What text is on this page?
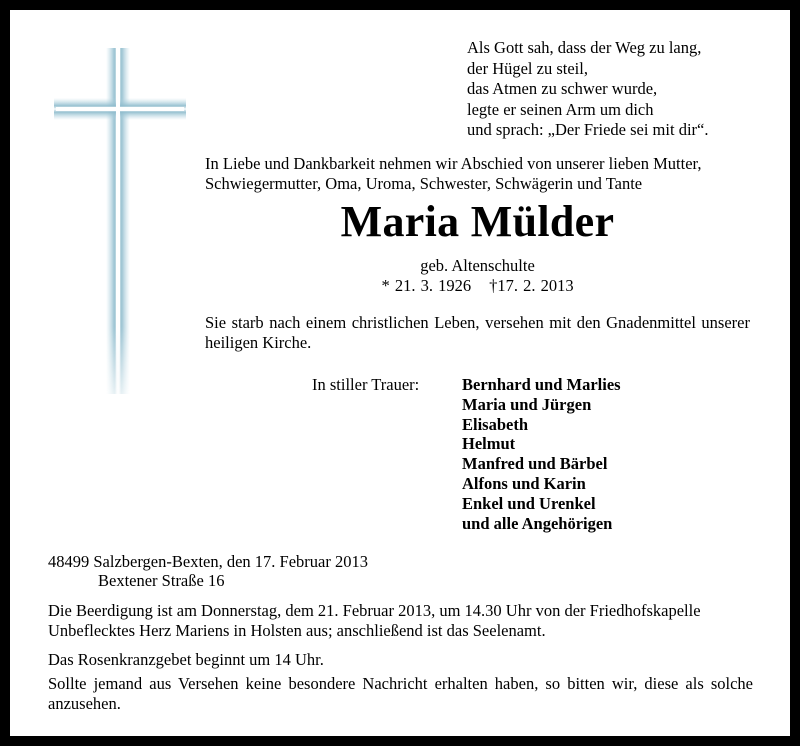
Als Gott sah, dass der Weg zu lang,
der Hügel zu steil,
das Atmen zu schwer wurde,
legte er seinen Arm um dich
und sprach: „Der Friede sei mit dir“.
In Liebe und Dankbarkeit nehmen wir Abschied von unserer lieben Mutter,
Schwiegermutter, Oma, Uroma, Schwester, Schwägerin und Tante
Maria Mülder
geb. Altenschulte
* 21. 3. 1926 †17. 2. 2013
Sie starb nach einem christlichen Leben, versehen mit den Gnadenmittel unserer heiligen Kirche.
In stiller Trauer:	Bernhard und Marlies
Maria und Jürgen
Elisabeth
Helmut
Manfred und Bärbel
Alfons und Karin
Enkel und Urenkel
und alle Angehörigen
48499 Salzbergen-Bexten, den 17. Februar 2013
Bextener Straße 16
Die Beerdigung ist am Donnerstag, dem 21. Februar 2013, um 14.30 Uhr von der Friedhofskapelle Unbeflecktes Herz Mariens in Holsten aus; anschließend ist das Seelenamt.
Das Rosenkranzgebet beginnt um 14 Uhr.
Sollte jemand aus Versehen keine besondere Nachricht erhalten haben, so bitten wir, diese als solche anzusehen.
